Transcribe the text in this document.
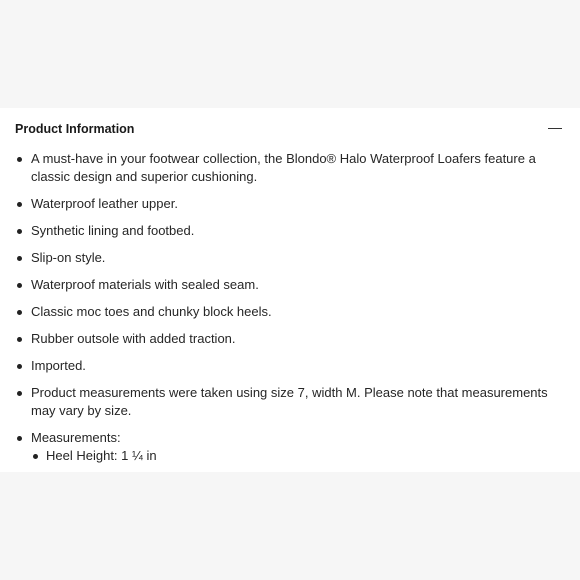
Product Information
A must-have in your footwear collection, the Blondo® Halo Waterproof Loafers feature a classic design and superior cushioning.
Waterproof leather upper.
Synthetic lining and footbed.
Slip-on style.
Waterproof materials with sealed seam.
Classic moc toes and chunky block heels.
Rubber outsole with added traction.
Imported.
Product measurements were taken using size 7, width M. Please note that measurements may vary by size.
Measurements:
Heel Height: 1 ¼ in
